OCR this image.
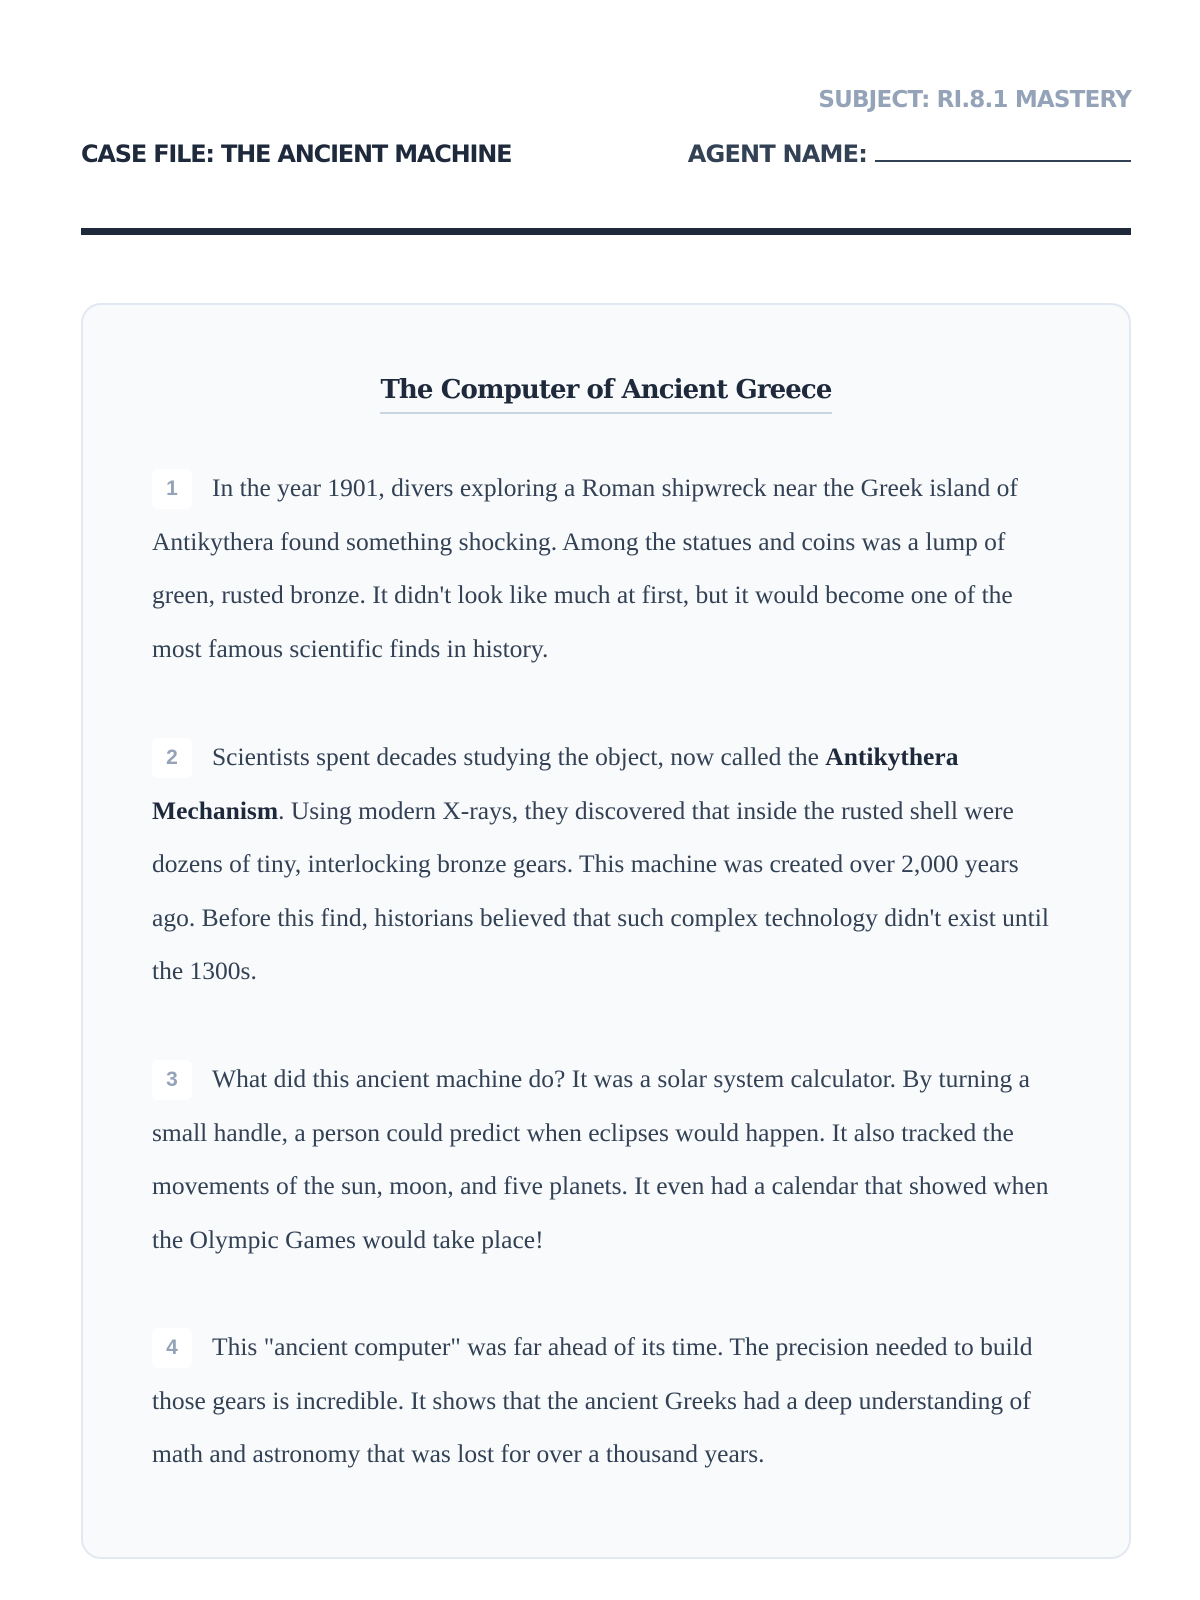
SUBJECT: RI.8.1 MASTERY
CASE FILE: THE ANCIENT MACHINE	AGENT NAME:
The Computer of Ancient Greece

1 In the year 1901, divers exploring a Roman shipwreck near the Greek island of Antikythera found something shocking. Among the statues and coins was a lump of green, rusted bronze. It didn't look like much at first, but it would become one of the most famous scientific finds in history.

2 Scientists spent decades studying the object, now called the Antikythera Mechanism. Using modern X-rays, they discovered that inside the rusted shell were dozens of tiny, interlocking bronze gears. This machine was created over 2,000 years ago. Before this find, historians believed that such complex technology didn't exist until the 1300s.

3 What did this ancient machine do? It was a solar system calculator. By turning a small handle, a person could predict when eclipses would happen. It also tracked the movements of the sun, moon, and five planets. It even had a calendar that showed when the Olympic Games would take place!

4 This "ancient computer" was far ahead of its time. The precision needed to build those gears is incredible. It shows that the ancient Greeks had a deep understanding of math and astronomy that was lost for over a thousand years.
